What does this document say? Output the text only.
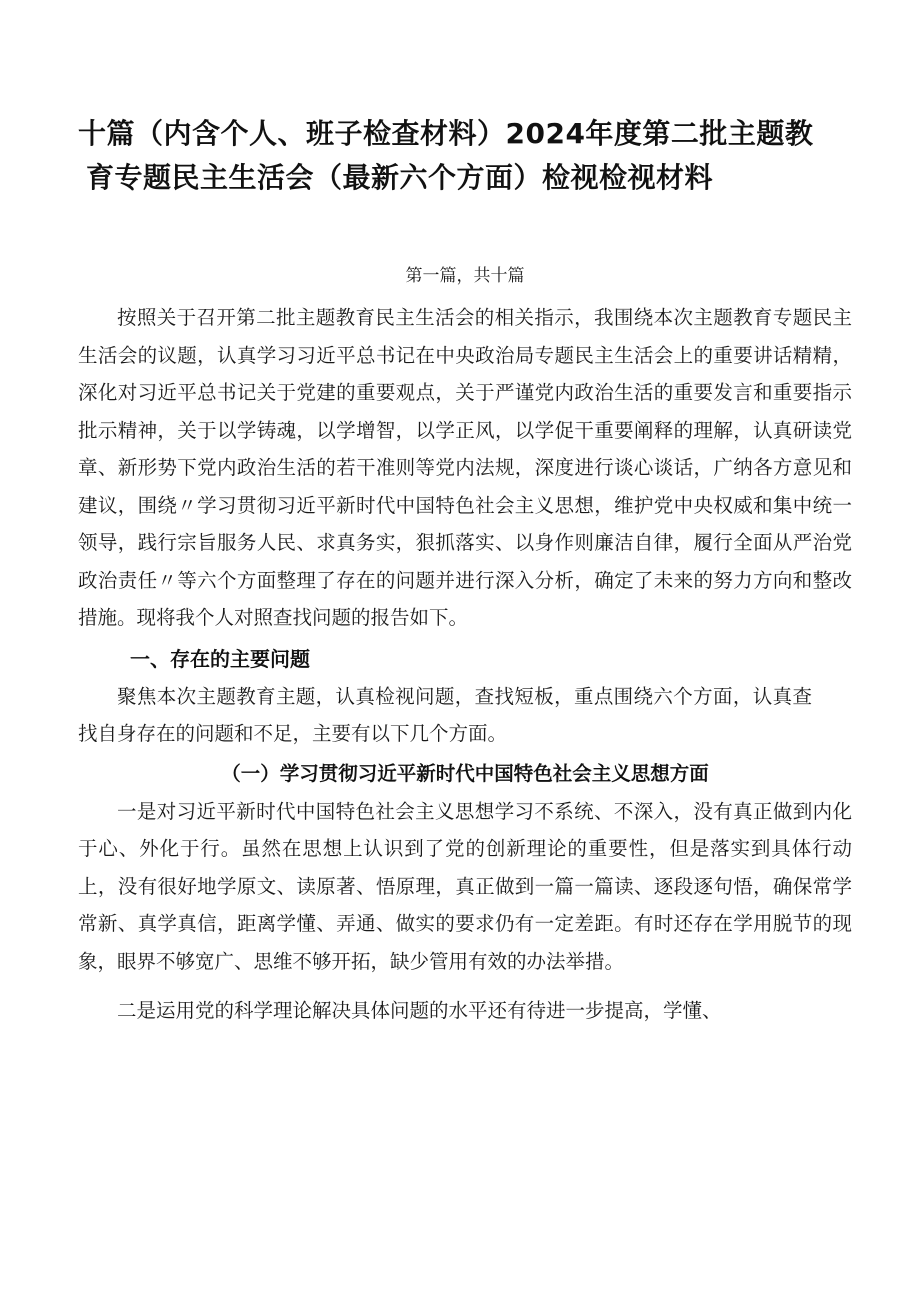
十篇（内含个人、班子检查材料）2024年度第二批主题教
育专题民主生活会（最新六个方面）检视检视材料

第一篇，共十篇

按照关于召开第二批主题教育民主生活会的相关指示，我围绕本次主题教育专题民主生活会的议题，认真学习习近平总书记在中央政治局专题民主生活会上的重要讲话精精，深化对习近平总书记关于党建的重要观点，关于严谨党内政治生活的重要发言和重要指示批示精神，关于以学铸魂，以学增智，以学正风，以学促干重要阐释的理解，认真研读党章、新形势下党内政治生活的若干准则等党内法规，深度进行谈心谈话，广纳各方意见和建议，围绕〃学习贯彻习近平新时代中国特色社会主义思想，维护党中央权威和集中统一领导，践行宗旨服务人民、求真务实，狠抓落实、以身作则廉洁自律，履行全面从严治党政治责任〃等六个方面整理了存在的问题并进行深入分析，确定了未来的努力方向和整改措施。现将我个人对照查找问题的报告如下。

一、存在的主要问题

聚焦本次主题教育主题，认真检视问题，查找短板，重点围绕六个方面，认真查找自身存在的问题和不足，主要有以下几个方面。

（一）学习贯彻习近平新时代中国特色社会主义思想方面

一是对习近平新时代中国特色社会主义思想学习不系统、不深入，没有真正做到内化于心、外化于行。虽然在思想上认识到了党的创新理论的重要性，但是落实到具体行动上，没有很好地学原文、读原著、悟原理，真正做到一篇一篇读、逐段逐句悟，确保常学常新、真学真信，距离学懂、弄通、做实的要求仍有一定差距。有时还存在学用脱节的现象，眼界不够宽广、思维不够开拓，缺少管用有效的办法举措。

二是运用党的科学理论解决具体问题的水平还有待进一步提高，学懂、
